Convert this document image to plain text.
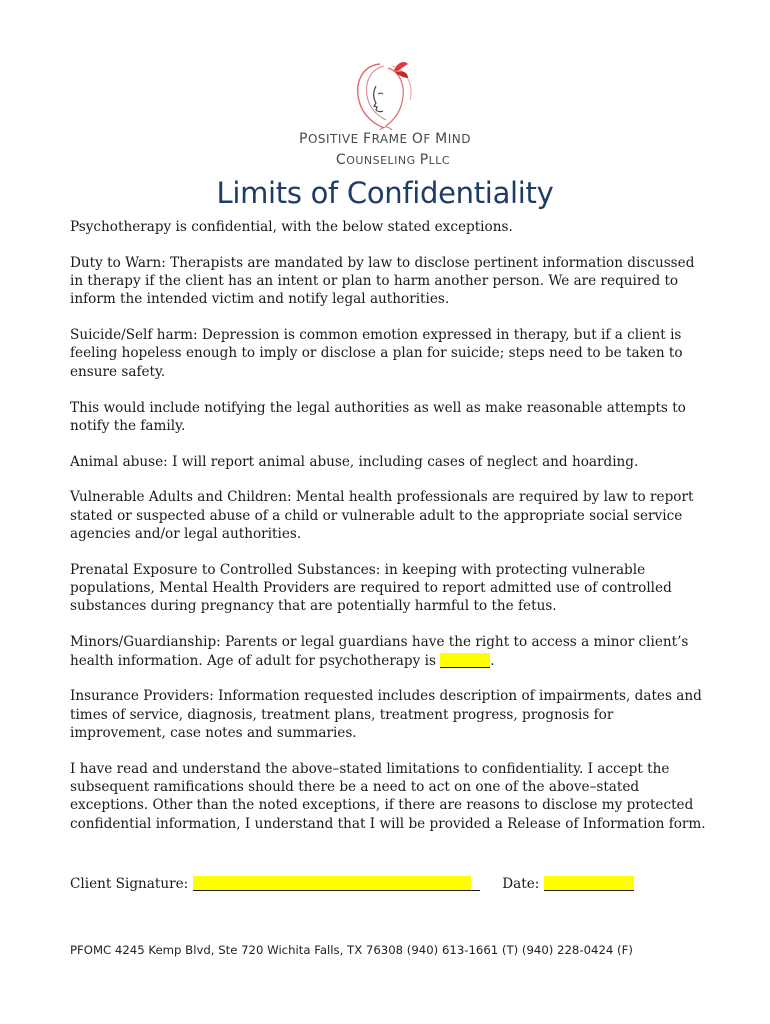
POSITIVE FRAME OF MIND
COUNSELING PLLC
Limits of Confidentiality

Psychotherapy is confidential, with the below stated exceptions.

Duty to Warn: Therapists are mandated by law to disclose pertinent information discussed in therapy if the client has an intent or plan to harm another person. We are required to inform the intended victim and notify legal authorities.

Suicide/Self harm: Depression is common emotion expressed in therapy, but if a client is feeling hopeless enough to imply or disclose a plan for suicide; steps need to be taken to ensure safety.

This would include notifying the legal authorities as well as make reasonable attempts to notify the family.

Animal abuse: I will report animal abuse, including cases of neglect and hoarding.

Vulnerable Adults and Children: Mental health professionals are required by law to report stated or suspected abuse of a child or vulnerable adult to the appropriate social service agencies and/or legal authorities.

Prenatal Exposure to Controlled Substances: in keeping with protecting vulnerable populations, Mental Health Providers are required to report admitted use of controlled substances during pregnancy that are potentially harmful to the fetus.

Minors/Guardianship: Parents or legal guardians have the right to access a minor client’s health information. Age of adult for psychotherapy is	.

Insurance Providers: Information requested includes description of impairments, dates and times of service, diagnosis, treatment plans, treatment progress, prognosis for improvement, case notes and summaries.

I have read and understand the above–stated limitations to confidentiality. I accept the subsequent ramifications should there be a need to act on one of the above–stated exceptions. Other than the noted exceptions, if there are reasons to disclose my protected confidential information, I understand that I will be provided a Release of Information form.

Client Signature:	Date:
PFOMC 4245 Kemp Blvd, Ste 720 Wichita Falls, TX 76308 (940) 613-1661 (T) (940) 228-0424 (F)
